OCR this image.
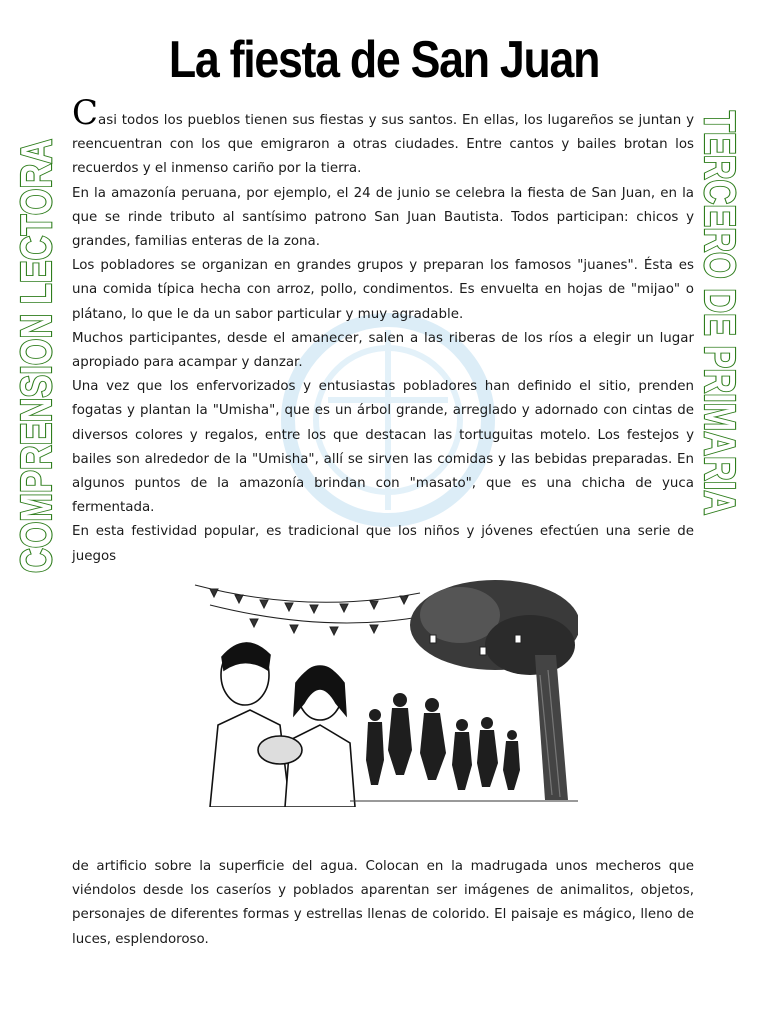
La fiesta de San Juan
COMPRENSION LECTORA	TERCERO DE PRIMARIA

Casi todos los pueblos tienen sus fiestas y sus santos. En ellas, los lugareños se juntan y reencuentran con los que emigraron a otras ciudades. Entre cantos y bailes brotan los recuerdos y el inmenso cariño por la tierra.

En la amazonía peruana, por ejemplo, el 24 de junio se celebra la fiesta de San Juan, en la que se rinde tributo al santísimo patrono San Juan Bautista. Todos participan: chicos y grandes, familias enteras de la zona.

Los pobladores se organizan en grandes grupos y preparan los famosos "juanes". Ésta es una comida típica hecha con arroz, pollo, condimentos. Es envuelta en hojas de "mijao" o plátano, lo que le da un sabor particular y muy agradable.

Muchos participantes, desde el amanecer, salen a las riberas de los ríos a elegir un lugar apropiado para acampar y danzar.

Una vez que los enfervorizados y entusiastas pobladores han definido el sitio, prenden fogatas y plantan la "Umisha", que es un árbol grande, arreglado y adornado con cintas de diversos colores y regalos, entre los que destacan las tortuguitas motelo. Los festejos y bailes son alrededor de la "Umisha", allí se sirven las comidas y las bebidas preparadas. En algunos puntos de la amazonía brindan con "masato", que es una chicha de yuca fermentada.

En esta festividad popular, es tradicional que los niños y jóvenes efectúen una serie de juegos

de artificio sobre la superficie del agua. Colocan en la madrugada unos mecheros que viéndolos desde los caseríos y poblados aparentan ser imágenes de animalitos, objetos, personajes de diferentes formas y estrellas llenas de colorido. El paisaje es mágico, lleno de luces, esplendoroso.
